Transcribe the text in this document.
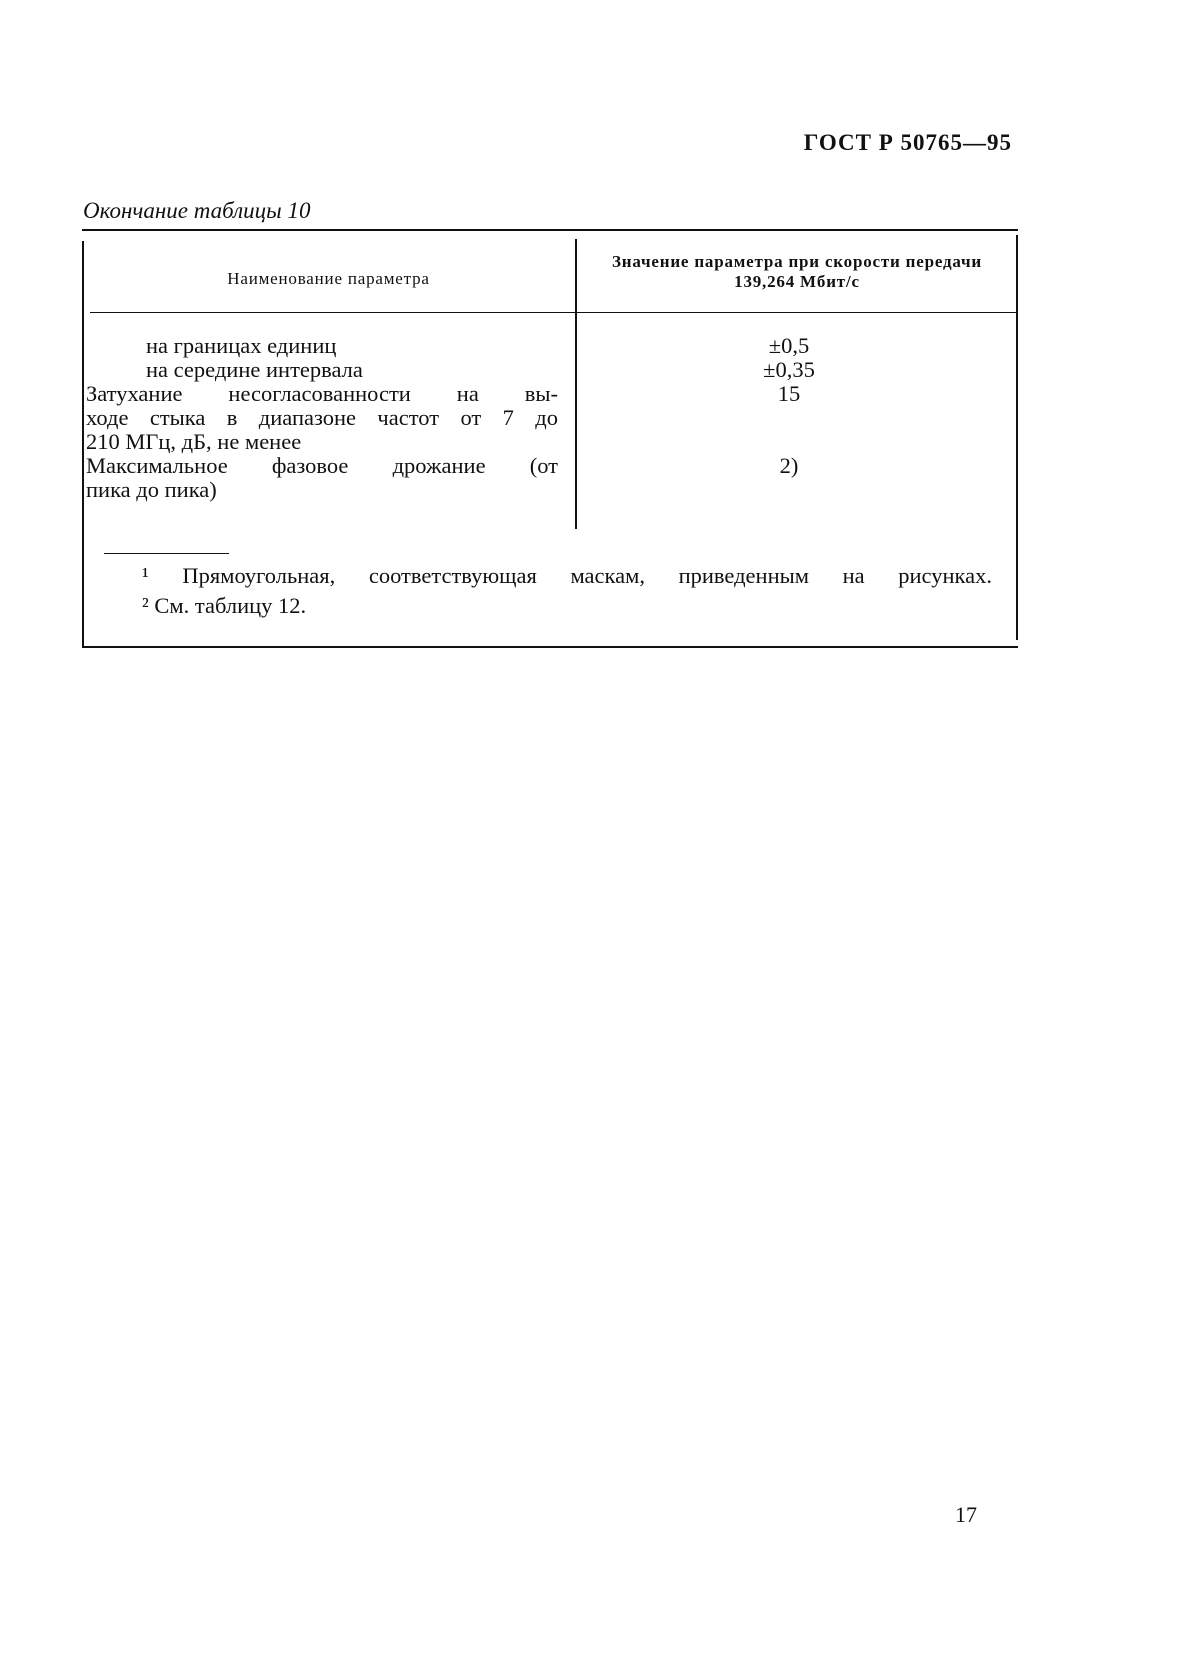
ГОСТ Р 50765—95
Окончание таблицы 10
Наименование параметра
Значение параметра при скорости передачи 139,264 Мбит/с
на границах единиц
на середине интервала
Затухание несогласованности на вы-
ходе стыка в диапазоне частот от 7 до
210 МГц, дБ, не менее
Максимальное фазовое дрожание (от
пика до пика)
±0,5
±0,35
15
2)
¹ Прямоугольная, соответствующая маскам, приведенным на рисунках.
² См. таблицу 12.
17
